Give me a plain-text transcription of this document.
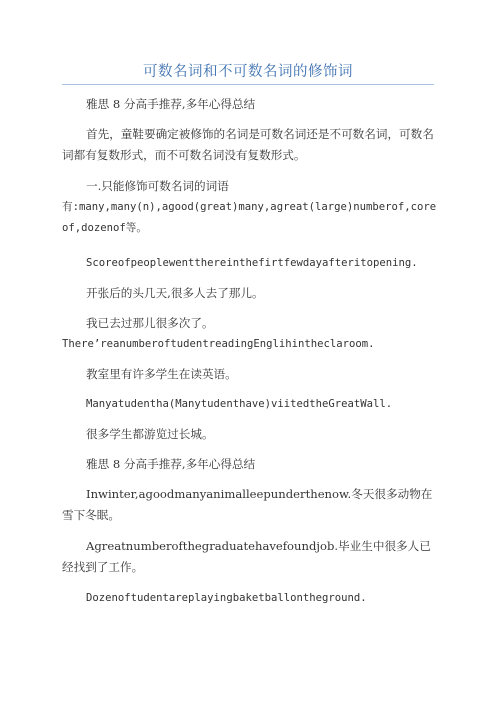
可数名词和不可数名词的修饰词

雅思 8 分高手推荐,多年心得总结

首先，童鞋要确定被修饰的名词是可数名词还是不可数名词，可数名词都有复数形式，而不可数名词没有复数形式。

一.只能修饰可数名词的词语

有:many,many(n),agood(great)many,agreat(large)numberof,coreof,dozenof等。

Scoreofpeoplewentthereinthefirtfewdayafteritopening.

开张后的头几天,很多人去了那儿。

我已去过那儿很多次了。

There’reanumberoftudentreadingEnglihintheclaroom.

教室里有许多学生在读英语。

Manyatudentha(Manytudenthave)viitedtheGreatWall.

很多学生都游览过长城。

雅思 8 分高手推荐,多年心得总结

Inwinter,agoodmanyanimalleepunderthenow.冬天很多动物在雪下冬眠。

Agreatnumberofthegraduatehavefoundjob.毕业生中很多人已经找到了工作。

Dozenoftudentareplayingbaketballontheground.
